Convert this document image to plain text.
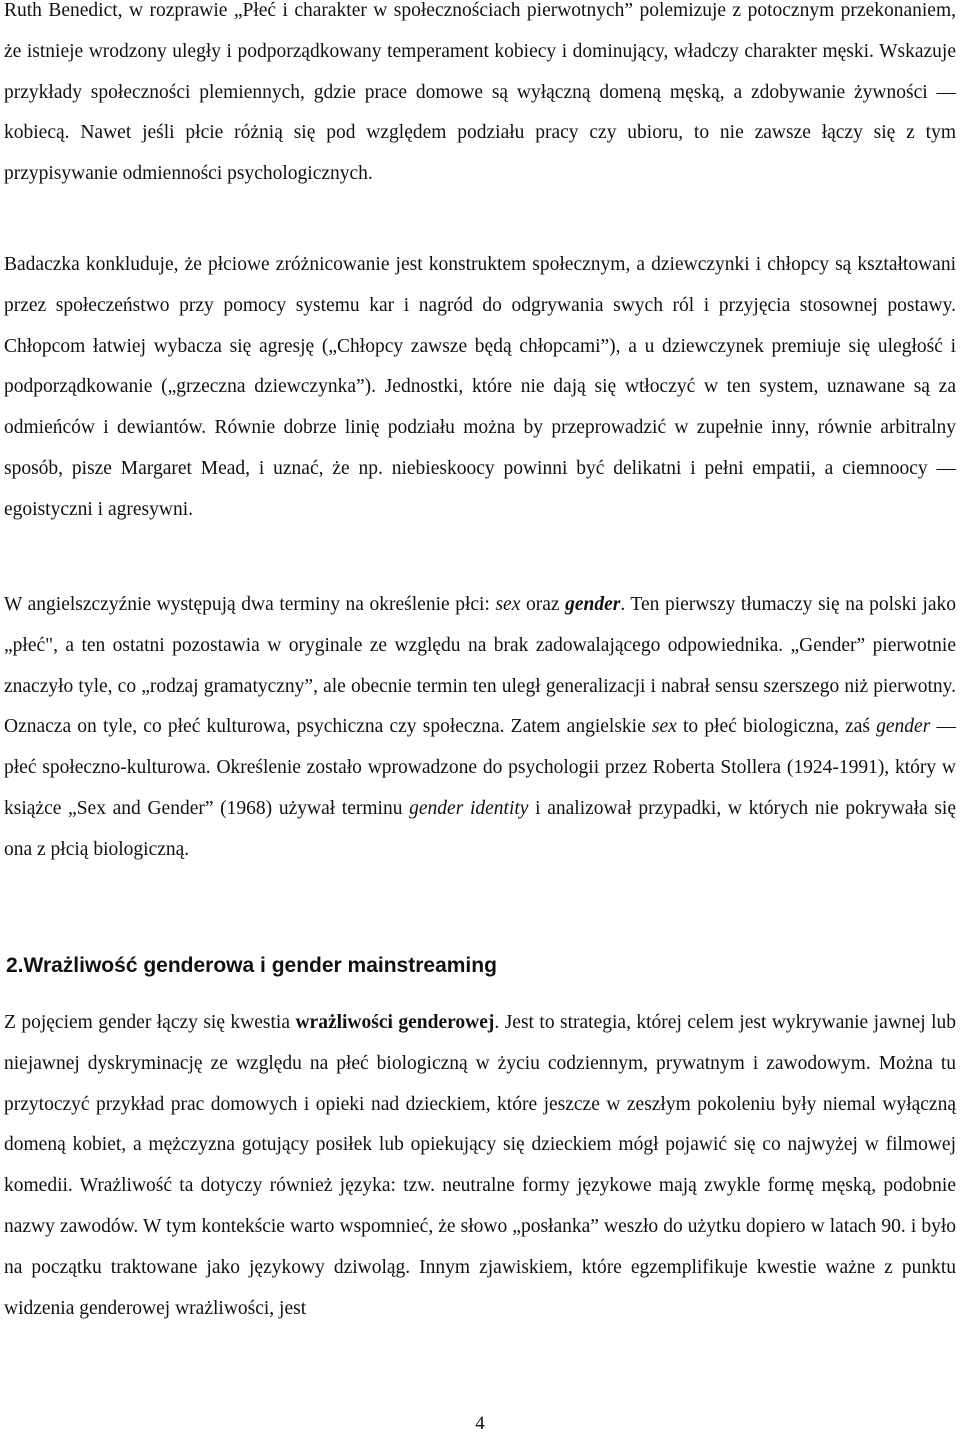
Ruth Benedict, w rozprawie „Płeć i charakter w społecznościach pierwotnych” polemizuje z potocznym przekonaniem, że istnieje wrodzony uległy i podporządkowany temperament kobiecy i dominujący, władczy charakter męski. Wskazuje przykłady społeczności plemiennych, gdzie prace domowe są wyłączną domeną męską, a zdobywanie żywności — kobiecą. Nawet jeśli płcie różnią się pod względem podziału pracy czy ubioru, to nie zawsze łączy się z tym przypisywanie odmienności psychologicznych.

Badaczka konkluduje, że płciowe zróżnicowanie jest konstruktem społecznym, a dziewczynki i chłopcy są kształtowani przez społeczeństwo przy pomocy systemu kar i nagród do odgrywania swych ról i przyjęcia stosownej postawy. Chłopcom łatwiej wybacza się agresję („Chłopcy zawsze będą chłopcami”), a u dziewczynek premiuje się uległość i podporządkowanie („grzeczna dziewczynka”). Jednostki, które nie dają się wtłoczyć w ten system, uznawane są za odmieńców i dewiantów. Równie dobrze linię podziału można by przeprowadzić w zupełnie inny, równie arbitralny sposób, pisze Margaret Mead, i uznać, że np. niebieskoocy powinni być delikatni i pełni empatii, a ciemnoocy — egoistyczni i agresywni.

W angielszczyźnie występują dwa terminy na określenie płci: sex oraz gender. Ten pierwszy tłumaczy się na polski jako „płeć", a ten ostatni pozostawia w oryginale ze względu na brak zadowalającego odpowiednika. „Gender” pierwotnie znaczyło tyle, co „rodzaj gramatyczny”, ale obecnie termin ten uległ generalizacji i nabrał sensu szerszego niż pierwotny. Oznacza on tyle, co płeć kulturowa, psychiczna czy społeczna. Zatem angielskie sex to płeć biologiczna, zaś gender — płeć społeczno-kulturowa. Określenie zostało wprowadzone do psychologii przez Roberta Stollera (1924-1991), który w książce „Sex and Gender” (1968) używał terminu gender identity i analizował przypadki, w których nie pokrywała się ona z płcią biologiczną.

2.Wrażliwość genderowa i gender mainstreaming

Z pojęciem gender łączy się kwestia wrażliwości genderowej. Jest to strategia, której celem jest wykrywanie jawnej lub niejawnej dyskryminację ze względu na płeć biologiczną w życiu codziennym, prywatnym i zawodowym. Można tu przytoczyć przykład prac domowych i opieki nad dzieckiem, które jeszcze w zeszłym pokoleniu były niemal wyłączną domeną kobiet, a mężczyzna gotujący posiłek lub opiekujący się dzieckiem mógł pojawić się co najwyżej w filmowej komedii. Wrażliwość ta dotyczy również języka: tzw. neutralne formy językowe mają zwykle formę męską, podobnie nazwy zawodów. W tym kontekście warto wspomnieć, że słowo „posłanka” weszło do użytku dopiero w latach 90. i było na początku traktowane jako językowy dziwoląg. Innym zjawiskiem, które egzemplifikuje kwestie ważne z punktu widzenia genderowej wrażliwości, jest

4
